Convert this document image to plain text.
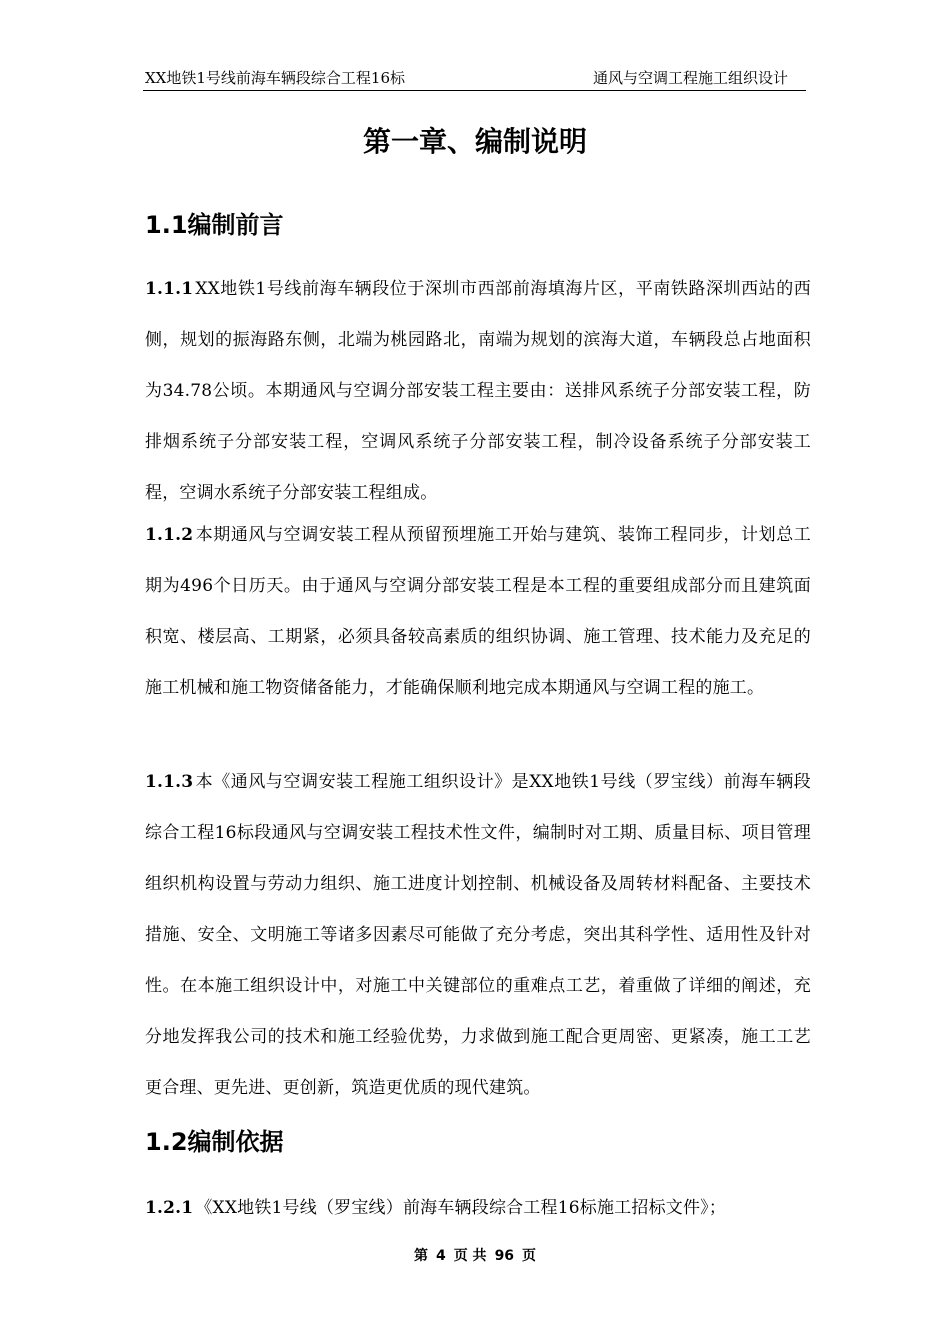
XX地铁1号线前海车辆段综合工程16标	通风与空调工程施工组织设计
第一章、编制说明
1.1编制前言
1.1.1 XX地铁1号线前海车辆段位于深圳市西部前海填海片区，平南铁路深圳西站的西侧，规划的振海路东侧，北端为桃园路北，南端为规划的滨海大道，车辆段总占地面积为34.78公顷。本期通风与空调分部安装工程主要由：送排风系统子分部安装工程，防排烟系统子分部安装工程，空调风系统子分部安装工程，制冷设备系统子分部安装工程，空调水系统子分部安装工程组成。
1.1.2 本期通风与空调安装工程从预留预埋施工开始与建筑、装饰工程同步，计划总工期为496个日历天。由于通风与空调分部安装工程是本工程的重要组成部分而且建筑面积宽、楼层高、工期紧，必须具备较高素质的组织协调、施工管理、技术能力及充足的施工机械和施工物资储备能力，才能确保顺利地完成本期通风与空调工程的施工。
1.1.3 本《通风与空调安装工程施工组织设计》是XX地铁1号线（罗宝线）前海车辆段综合工程16标段通风与空调安装工程技术性文件，编制时对工期、质量目标、项目管理组织机构设置与劳动力组织、施工进度计划控制、机械设备及周转材料配备、主要技术措施、安全、文明施工等诸多因素尽可能做了充分考虑，突出其科学性、适用性及针对性。在本施工组织设计中，对施工中关键部位的重难点工艺，着重做了详细的阐述，充分地发挥我公司的技术和施工经验优势，力求做到施工配合更周密、更紧凑，施工工艺更合理、更先进、更创新，筑造更优质的现代建筑。
1.2编制依据
1.2.1 《XX地铁1号线（罗宝线）前海车辆段综合工程16标施工招标文件》；
第 4 页 共 96 页
